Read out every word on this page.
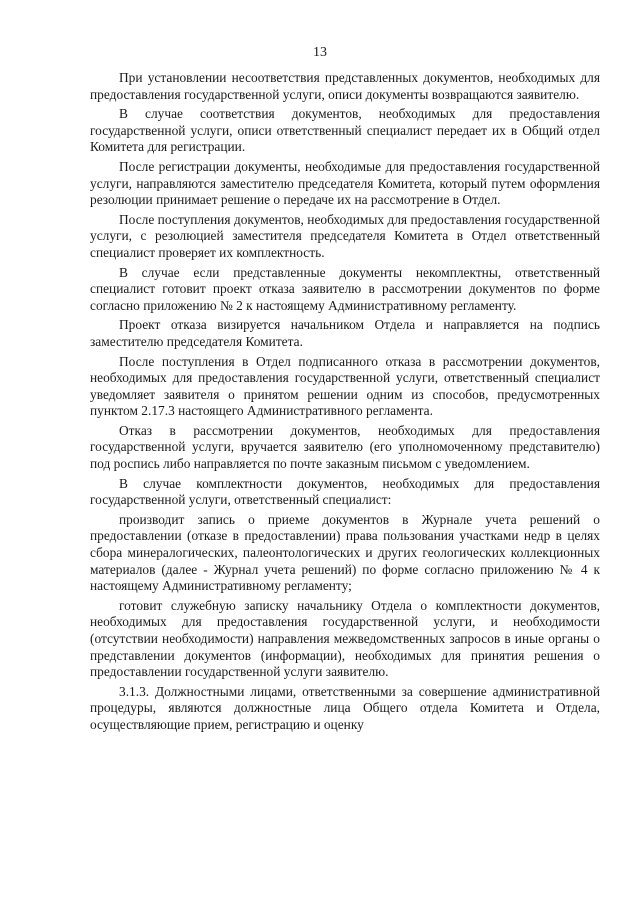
13

При установлении несоответствия представленных документов, необходимых для предоставления государственной услуги, описи документы возвращаются заявителю.

В случае соответствия документов, необходимых для предоставления государственной услуги, описи ответственный специалист передает их в Общий отдел Комитета для регистрации.

После регистрации документы, необходимые для предоставления государственной услуги, направляются заместителю председателя Комитета, который путем оформления резолюции принимает решение о передаче их на рассмотрение в Отдел.

После поступления документов, необходимых для предоставления государственной услуги, с резолюцией заместителя председателя Комитета в Отдел ответственный специалист проверяет их комплектность.

В случае если представленные документы некомплектны, ответственный специалист готовит проект отказа заявителю в рассмотрении документов по форме согласно приложению № 2 к настоящему Административному регламенту.

Проект отказа визируется начальником Отдела и направляется на подпись заместителю председателя Комитета.

После поступления в Отдел подписанного отказа в рассмотрении документов, необходимых для предоставления государственной услуги, ответственный специалист уведомляет заявителя о принятом решении одним из способов, предусмотренных пунктом 2.17.3 настоящего Административного регламента.

Отказ в рассмотрении документов, необходимых для предоставления государственной услуги, вручается заявителю (его уполномоченному представителю) под роспись либо направляется по почте заказным письмом с уведомлением.

В случае комплектности документов, необходимых для предоставления государственной услуги, ответственный специалист:

производит запись о приеме документов в Журнале учета решений о предоставлении (отказе в предоставлении) права пользования участками недр в целях сбора минералогических, палеонтологических и других геологических коллекционных материалов (далее - Журнал учета решений) по форме согласно приложению № 4 к настоящему Административному регламенту;

готовит служебную записку начальнику Отдела о комплектности документов, необходимых для предоставления государственной услуги, и необходимости (отсутствии необходимости) направления межведомственных запросов в иные органы о представлении документов (информации), необходимых для принятия решения о предоставлении государственной услуги заявителю.

3.1.3. Должностными лицами, ответственными за совершение административной процедуры, являются должностные лица Общего отдела Комитета и Отдела, осуществляющие прием, регистрацию и оценку
